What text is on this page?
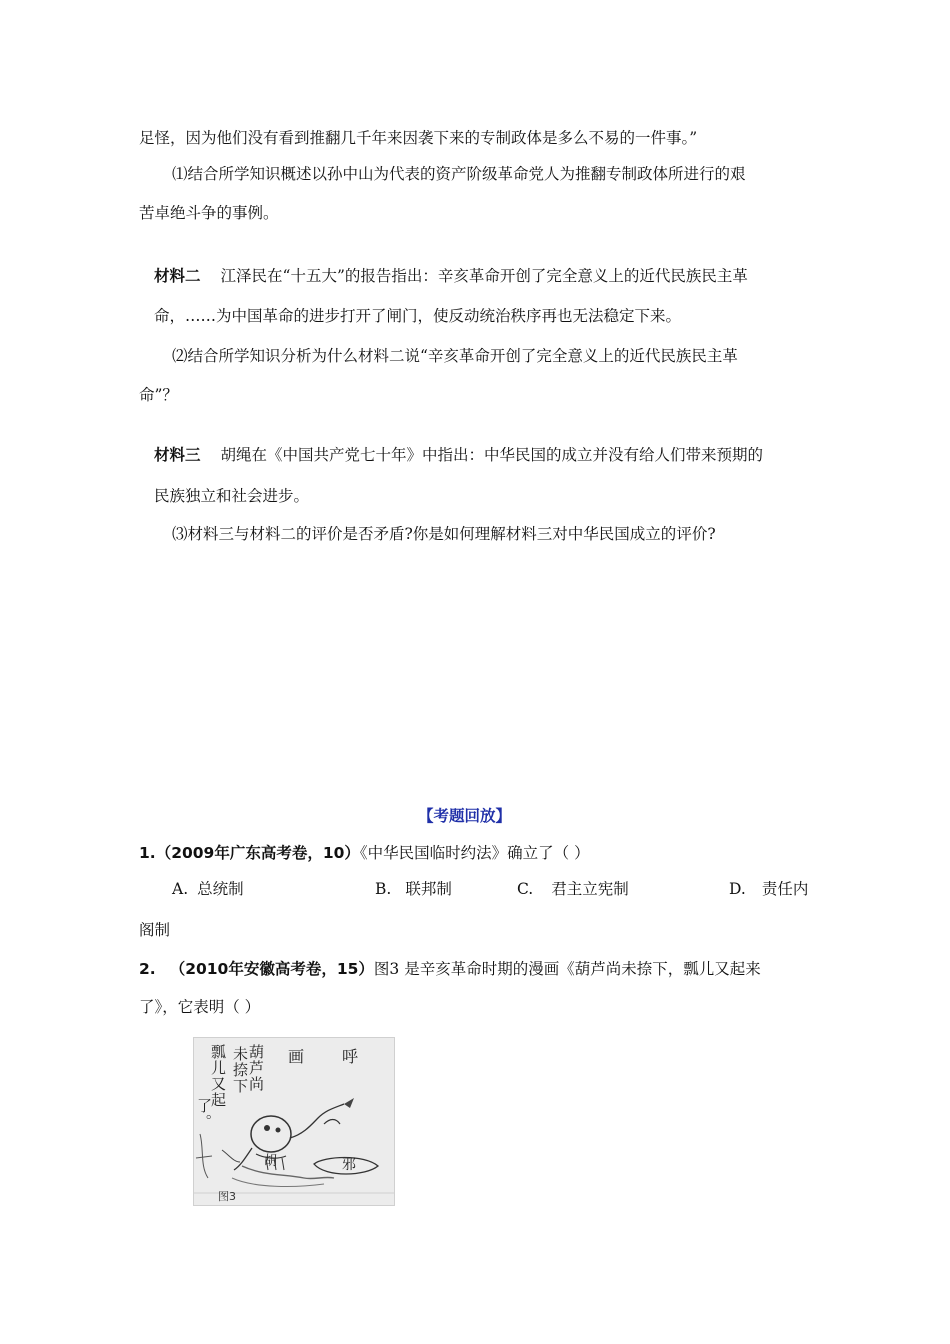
足怪，因为他们没有看到推翻几千年来因袭下来的专制政体是多么不易的一件事。”
⑴结合所学知识概述以孙中山为代表的资产阶级革命党人为推翻专制政体所进行的艰
苦卓绝斗争的事例。
材料二 江泽民在“十五大”的报告指出：辛亥革命开创了完全意义上的近代民族民主革
命，……为中国革命的进步打开了闸门，使反动统治秩序再也无法稳定下来。
⑵结合所学知识分析为什么材料二说“辛亥革命开创了完全意义上的近代民族民主革
命”？
材料三 胡绳在《中国共产党七十年》中指出：中华民国的成立并没有给人们带来预期的
民族独立和社会进步。
⑶材料三与材料二的评价是否矛盾?你是如何理解材料三对中华民国成立的评价?
【考题回放】
1.（2009年广东高考卷，10）《中华民国临时约法》确立了（ ）
A. 总统制	B. 联邦制	C. 君主立宪制	D. 责任内
阁制
2. （2010年安徽高考卷，15）图3 是辛亥革命时期的漫画《葫芦尚未捺下，瓢儿又起来
了》，它表明（ ）
呼
画
葫芦尚
未捺下
瓢儿又起
了。
邪
胡
图3
